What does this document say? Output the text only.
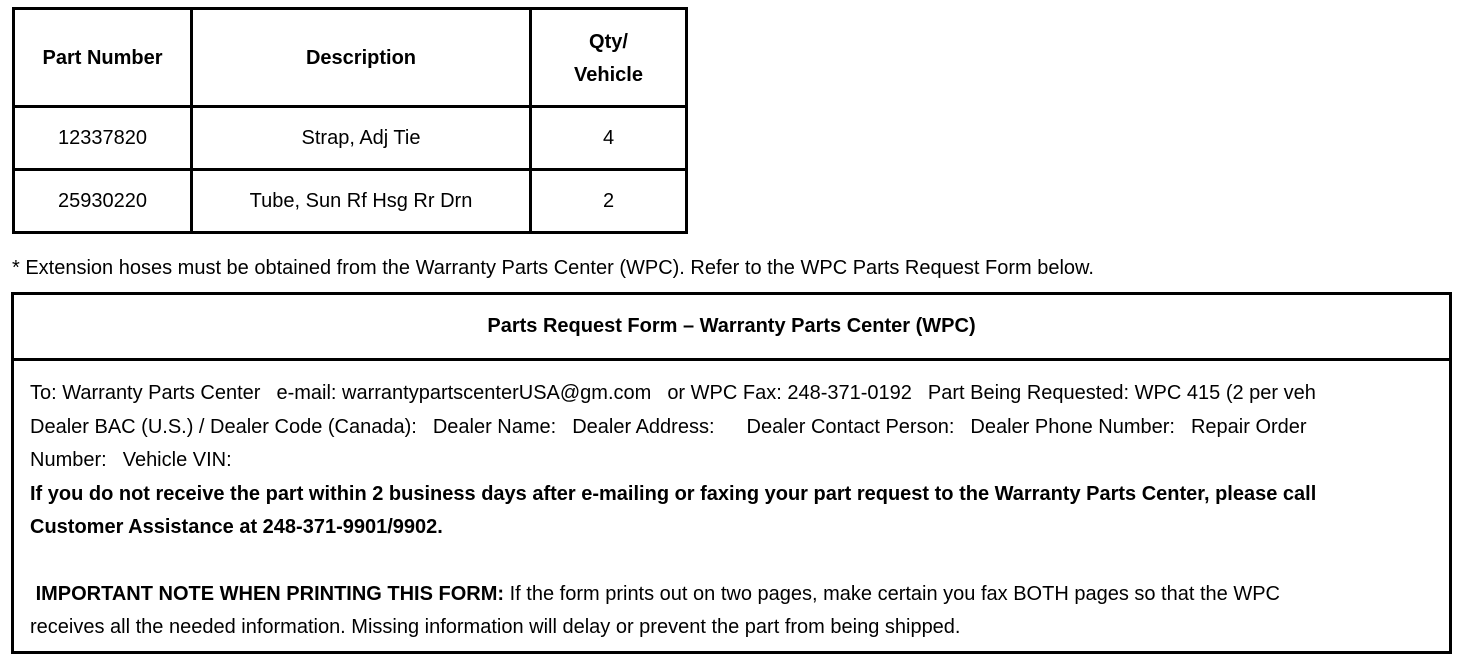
Part Number	Description	Qty/
Vehicle

12337820	Strap, Adj Tie	4
25930220	Tube, Sun Rf Hsg Rr Drn	2
* Extension hoses must be obtained from the Warranty Parts Center (WPC). Refer to the WPC Parts Request Form below.
Parts Request Form – Warranty Parts Center (WPC)
To: Warranty Parts Center e-mail: warrantypartscenterUSA@gm.com or WPC Fax: 248-371-0192 Part Being Requested: WPC 415 (2 per veh
Dealer BAC (U.S.) / Dealer Code (Canada): Dealer Name: Dealer Address: Dealer Contact Person: Dealer Phone Number: Repair Order
Number: Vehicle VIN:
If you do not receive the part within 2 business days after e-mailing or faxing your part request to the Warranty Parts Center, please call
Customer Assistance at 248-371-9901/9902.
IMPORTANT NOTE WHEN PRINTING THIS FORM: If the form prints out on two pages, make certain you fax BOTH pages so that the WPC
receives all the needed information. Missing information will delay or prevent the part from being shipped.
